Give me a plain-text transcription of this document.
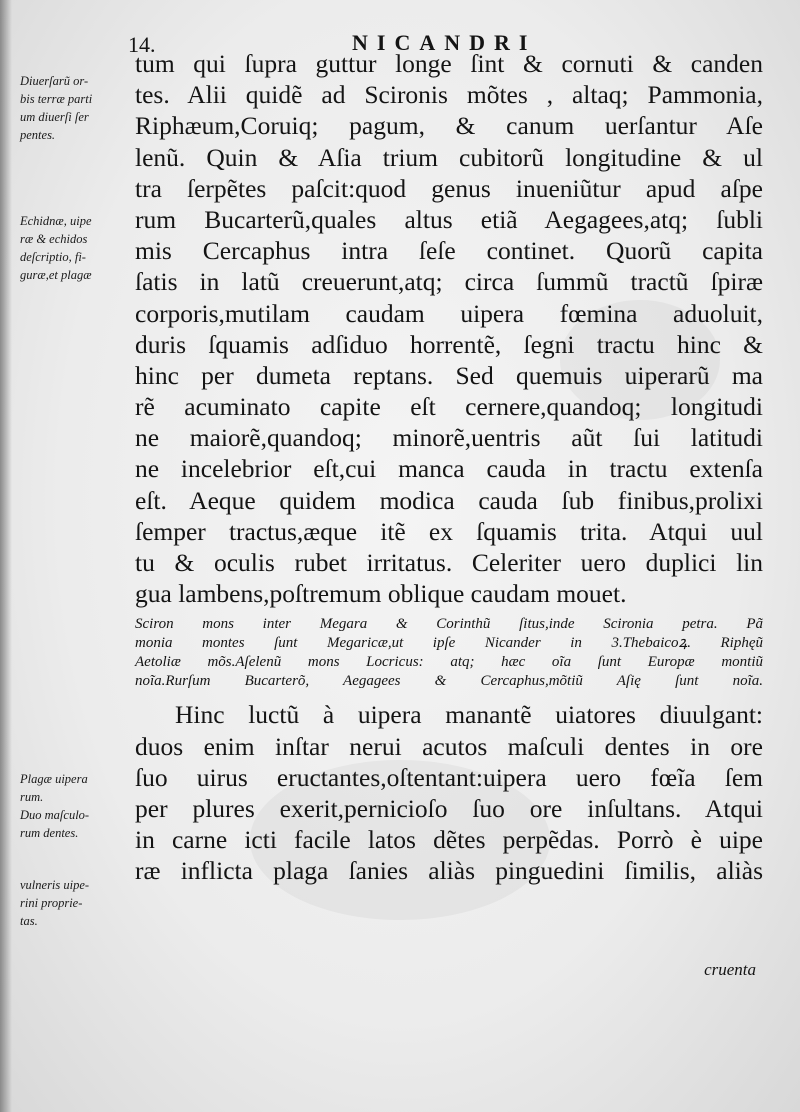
14.	NICANDRI
Diuerſarũ or-
bis terræ parti
um diuerſi ſer
pentes.
Echidnæ, uipe
ræ & echidos
deſcriptio, fi-
guræ,et plagæ
Plagæ uipera
rum.
Duo maſculo-
rum dentes.
vulneris uipe-
rini proprie-
tas.
tum qui ſupra guttur longe ſint & cornuti & canden
tes. Alii quidẽ ad Scironis mõtes , altaq; Pammonia,
Riphæum,Coruiq; pagum, & canum uerſantur Aſe
lenũ. Quin & Aſia trium cubitorũ longitudine & ul
tra ſerpẽtes paſcit:quod genus inueniũtur apud aſpe
rum Bucarterũ,quales altus etiã Aegagees,atq; ſubli
mis Cercaphus intra ſeſe continet. Quorũ capita
ſatis in latũ creuerunt,atq; circa ſummũ tractũ ſpiræ
corporis,mutilam caudam uipera fœmina aduoluit,
duris ſquamis adſiduo horrentẽ, ſegni tractu hinc &
hinc per dumeta reptans. Sed quemuis uiperarũ ma
rẽ acuminato capite eſt cernere,quandoq; longitudi
ne maiorẽ,quandoq; minorẽ,uentris aũt ſui latitudi
ne incelebrior eſt,cui manca cauda in tractu extenſa
eſt. Aeque quidem modica cauda ſub finibus,prolixi
ſemper tractus,æque itẽ ex ſquamis trita. Atqui uul
tu & oculis rubet irritatus. Celeriter uero duplici lin
gua lambens,poſtremum oblique caudam mouet.
Sciron mons inter Megara & Corinthũ ſitus,inde Scironia petra. Pã
monia montes ſunt Megaricæ,ut ipſe Nicander in 3.Thebaicoꝝ. Riphęũ
Aetoliæ mõs.Aſelenũ mons Locricus: atq; hæc oĩa ſunt Europæ montiũ
noĩa.Rurſum Bucarterõ, Aegagees & Cercaphus,mõtiũ Aſię ſunt noĩa.
Hinc luctũ à uipera manantẽ uiatores diuulgant:
duos enim inſtar nerui acutos maſculi dentes in ore
ſuo uirus eructantes,oſtentant:uipera uero fœĩa ſem
per plures exerit,pernicioſo ſuo ore inſultans. Atqui
in carne icti facile latos dẽtes perpẽdas. Porrò è uipe
ræ inflicta plaga ſanies aliàs pinguedini ſimilis, aliàs
cruenta
